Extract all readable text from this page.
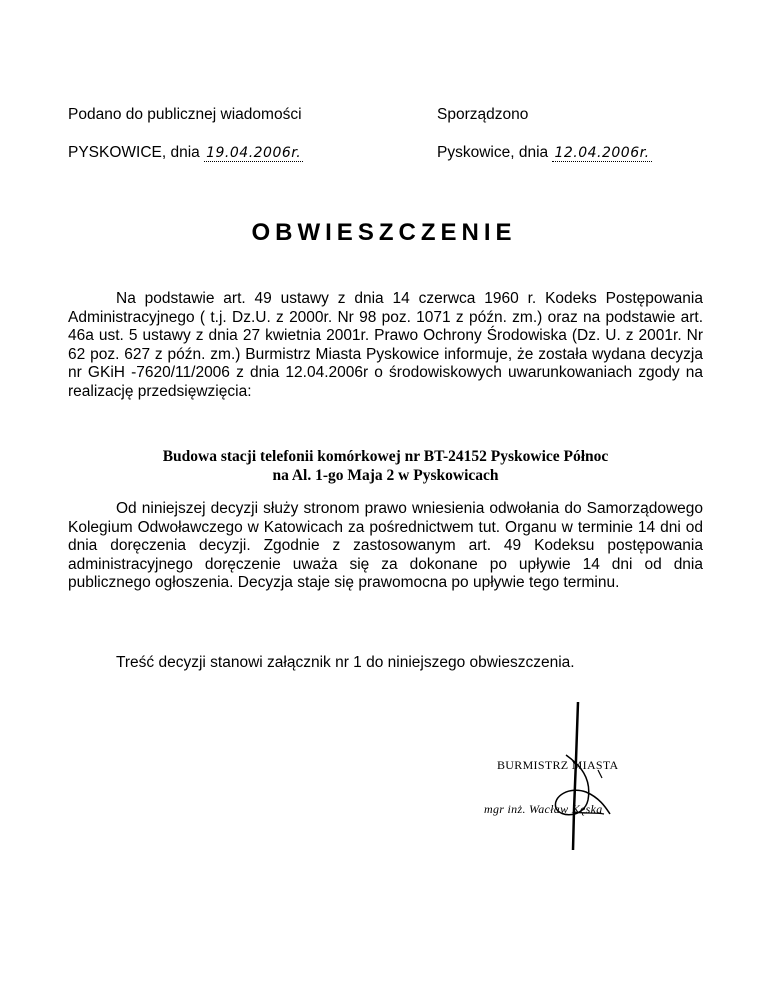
Podano do publicznej wiadomości	Sporządzono
PYSKOWICE, dnia 19.04.2006r.	Pyskowice, dnia 12.04.2006r.
OBWIESZCZENIE
Na podstawie art. 49 ustawy z dnia 14 czerwca 1960 r. Kodeks Postępowania Administracyjnego ( t.j. Dz.U. z 2000r. Nr 98 poz. 1071 z późn. zm.) oraz na podstawie art. 46a ust. 5 ustawy z dnia 27 kwietnia 2001r. Prawo Ochrony Środowiska (Dz. U. z 2001r. Nr 62 poz. 627 z późn. zm.) Burmistrz Miasta Pyskowice informuje, że została wydana decyzja nr GKiH -7620/11/2006 z dnia 12.04.2006r o środowiskowych uwarunkowaniach zgody na realizację przedsięwzięcia:
Budowa stacji telefonii komórkowej nr BT-24152 Pyskowice Północ
na Al. 1-go Maja 2 w Pyskowicach
Od niniejszej decyzji służy stronom prawo wniesienia odwołania do Samorządowego Kolegium Odwoławczego w Katowicach za pośrednictwem tut. Organu w terminie 14 dni od dnia doręczenia decyzji. Zgodnie z zastosowanym art. 49 Kodeksu postępowania administracyjnego doręczenie uważa się za dokonane po upływie 14 dni od dnia publicznego ogłoszenia. Decyzja staje się prawomocna po upływie tego terminu.
Treść decyzji stanowi załącznik nr 1 do niniejszego obwieszczenia.
BURMISTRZ MIASTA
mgr inż. Wacław Kęska
